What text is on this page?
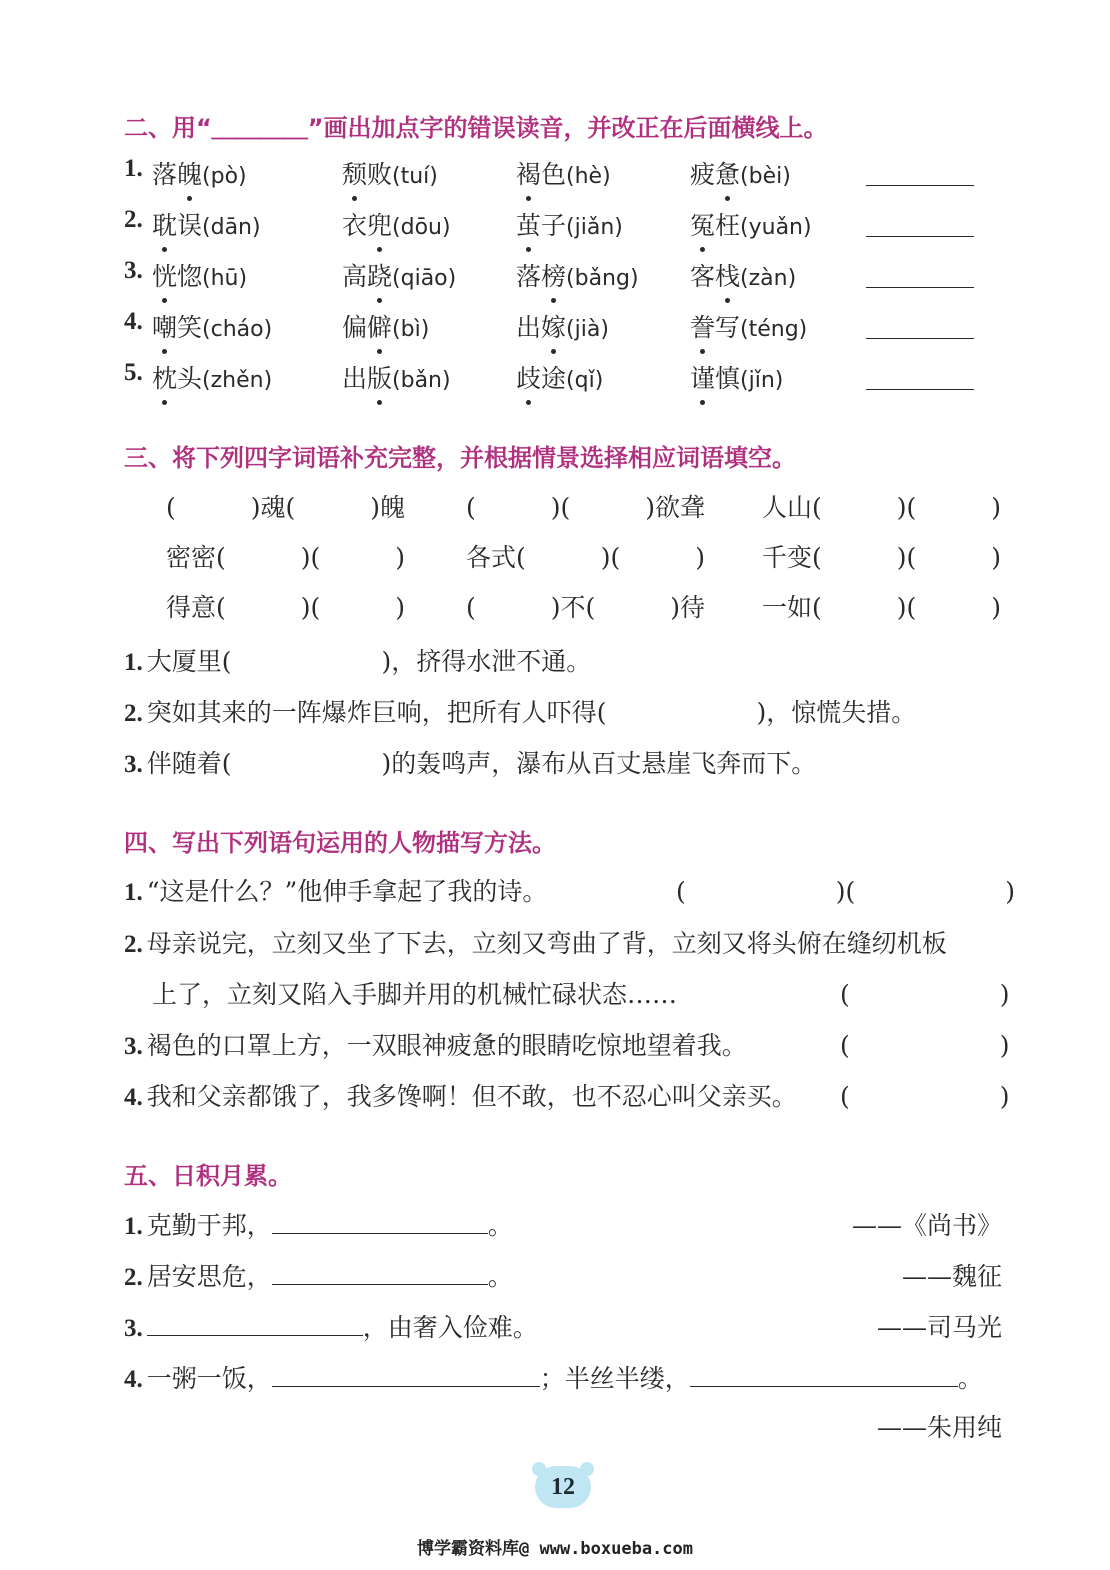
二、用“＿＿＿＿”画出加点字的错误读音，并改正在后面横线上。
1. 落魄(pò)	颓败(tuí)	褐色(hè)	疲惫(bèi)
2. 耽误(dān)	衣兜(dōu)	茧子(jiǎn)	冤枉(yuǎn)
3. 恍惚(hū)	高跷(qiāo) 落榜(bǎng) 客栈(zàn)
4. 嘲笑(cháo)	偏僻(bì)	出嫁(jià)	誊写(téng)
5. 枕头(zhěn)	出版(bǎn)	歧途(qǐ)	谨慎(jǐn)
三、将下列四字词语补充完整，并根据情景选择相应词语填空。
(　　　)魂(　　　)魄 (　　　)(　　　)欲聋 人山(　　　)(　　　)
密密(　　　)(　　　) 各式(　　　)(　　　) 千变(　　　)(　　　)
得意(　　　)(　　　) (　　　)不(　　　)待 一如(　　　)(　　　)
1. 大厦里(　　　　　　)，挤得水泄不通。
2. 突如其来的一阵爆炸巨响，把所有人吓得(　　　　　　)，惊慌失措。
3. 伴随着(　　　　　　)的轰鸣声，瀑布从百丈悬崖飞奔而下。
四、写出下列语句运用的人物描写方法。
1. “这是什么？”他伸手拿起了我的诗。	(　　　　　　)(　　　　　　)
2. 母亲说完，立刻又坐了下去，立刻又弯曲了背，立刻又将头俯在缝纫机板
上了，立刻又陷入手脚并用的机械忙碌状态……	(　　　　　　)
3. 褐色的口罩上方，一双眼神疲惫的眼睛吃惊地望着我。	(　　　　　　)
4. 我和父亲都饿了，我多馋啊！但不敢，也不忍心叫父亲买。 (　　　　　　)
五、日积月累。
1. 克勤于邦，	。	——《尚书》
2. 居安思危，	。	——魏征
3.	，由奢入俭难。	——司马光
4. 一粥一饭，	；半丝半缕，	。
——朱用纯
12
博学霸资料库@ www.boxueba.com
